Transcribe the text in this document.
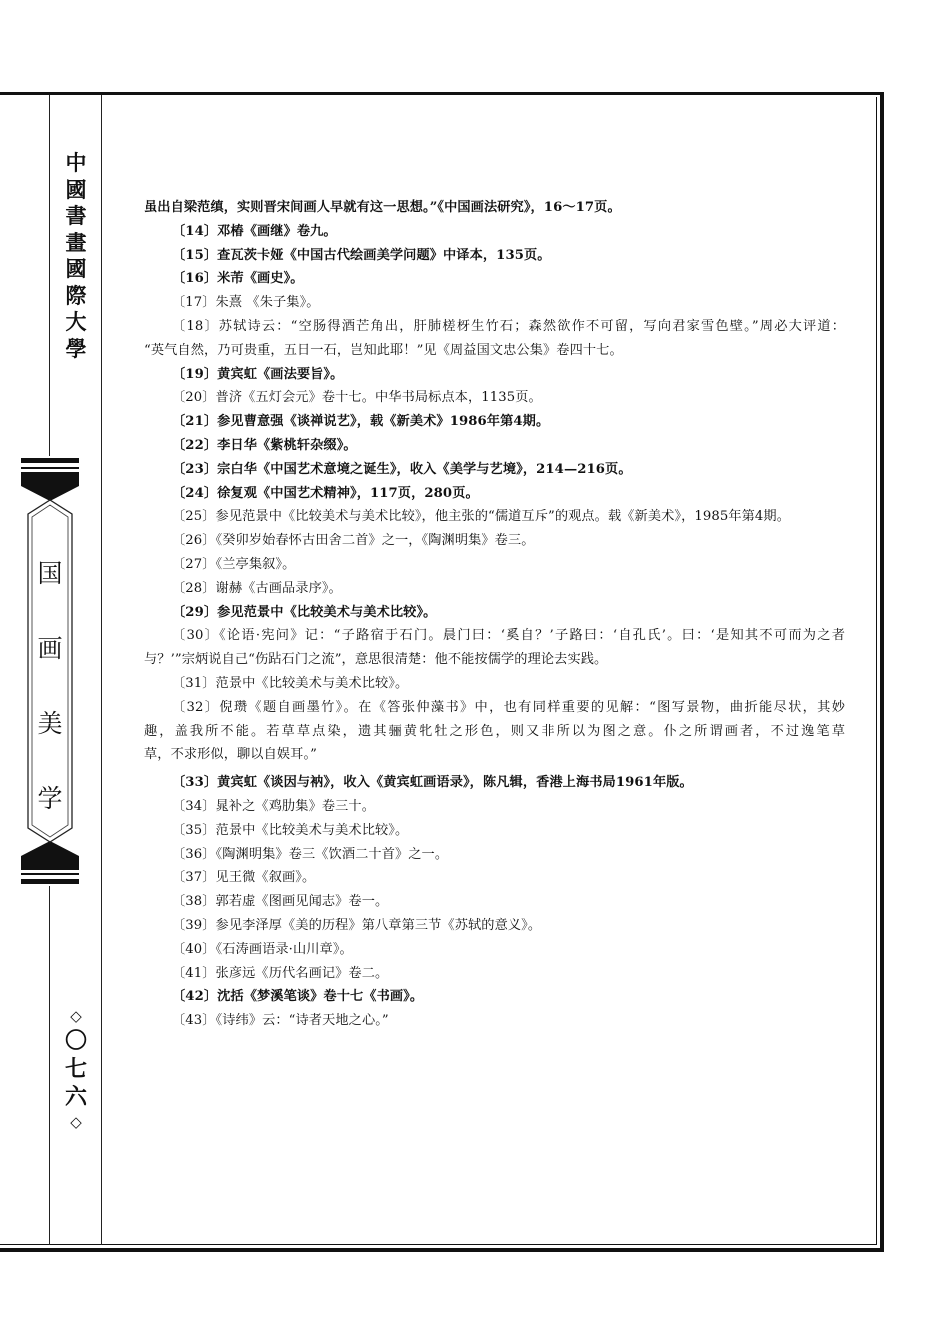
中
國
書
畫
國
際
大
學
国
画
美
学
◇
〇
七
六
◇
虽出自梁范缜，实则晋宋间画人早就有这一思想。”《中国画法研究》，16～17页。
〔14〕邓椿《画继》卷九。
〔15〕查瓦茨卡娅《中国古代绘画美学问题》中译本，135页。
〔16〕米芾《画史》。
〔17〕朱熹 《朱子集》。
〔18〕苏轼诗云：“空肠得酒芒角出，肝肺槎枒生竹石；森然欲作不可留，写向君家雪色壁。”周必大评道：
“英气自然，乃可贵重，五日一石，岂知此耶！”见《周益国文忠公集》卷四十七。
〔19〕黄宾虹《画法要旨》。
〔20〕普济《五灯会元》卷十七。中华书局标点本，1135页。
〔21〕参见曹意强《谈禅说艺》，载《新美术》1986年第4期。
〔22〕李日华《紫桃轩杂缀》。
〔23〕宗白华《中国艺术意境之诞生》，收入《美学与艺境》，214—216页。
〔24〕徐复观《中国艺术精神》，117页，280页。
〔25〕参见范景中《比较美术与美术比较》，他主张的“儒道互斥”的观点。载《新美术》，1985年第4期。
〔26〕《癸卯岁始春怀古田舍二首》之一，《陶渊明集》卷三。
〔27〕《兰亭集叙》。
〔28〕谢赫《古画品录序》。
〔29〕参见范景中《比较美术与美术比较》。
〔30〕《论语·宪问》记：“子路宿于石门。晨门曰：‘奚自？’子路曰：‘自孔氏’。曰：‘是知其不可而为之者
与？’”宗炳说自己“伤跕石门之流”，意思很清楚：他不能按儒学的理论去实践。
〔31〕范景中《比较美术与美术比较》。
〔32〕倪瓒《题自画墨竹》。在《答张仲藻书》中，也有同样重要的见解：“图写景物，曲折能尽状，其妙
趣，盖我所不能。若草草点染，遗其骊黄牝牡之形色，则又非所以为图之意。仆之所谓画者，不过逸笔草
草，不求形似，聊以自娱耳。”
〔33〕黄宾虹《谈因与衲》，收入《黄宾虹画语录》，陈凡辑，香港上海书局1961年版。
〔34〕晁补之《鸡肋集》卷三十。
〔35〕范景中《比较美术与美术比较》。
〔36〕《陶渊明集》卷三《饮酒二十首》之一。
〔37〕见王微《叙画》。
〔38〕郭若虚《图画见闻志》卷一。
〔39〕参见李泽厚《美的历程》第八章第三节《苏轼的意义》。
〔40〕《石涛画语录·山川章》。
〔41〕张彦远《历代名画记》卷二。
〔42〕沈括《梦溪笔谈》卷十七《书画》。
〔43〕《诗纬》云：“诗者天地之心。”
